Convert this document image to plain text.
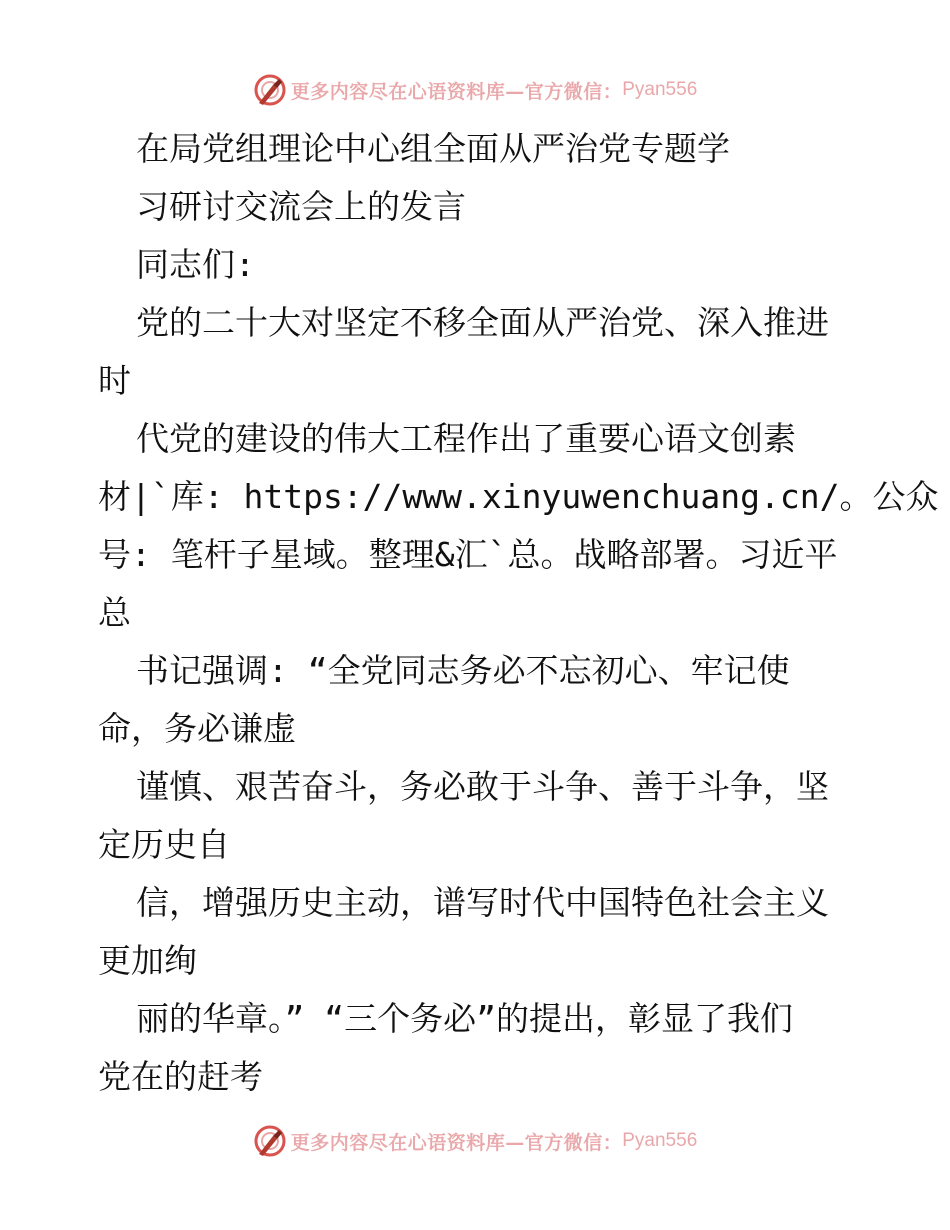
更多内容尽在心语资料库—官方微信： Pyan556
在局党组理论中心组全面从严治党专题学
习研讨交流会上的发言
同志们:
党的二十大对坚定不移全面从严治党、深入推进
时
代党的建设的伟大工程作出了重要心语文创素
材|`库: https://www.xinyuwenchuang.cn/。公众
号: 笔杆子星域。整理&汇`总。战略部署。习近平
总
书记强调: “全党同志务必不忘初心、牢记使
命，务必谦虚
谨慎、艰苦奋斗，务必敢于斗争、善于斗争，坚
定历史自
信，增强历史主动，谱写时代中国特色社会主义
更加绚
丽的华章。” “三个务必”的提出，彰显了我们
党在的赶考
更多内容尽在心语资料库—官方微信： Pyan556
